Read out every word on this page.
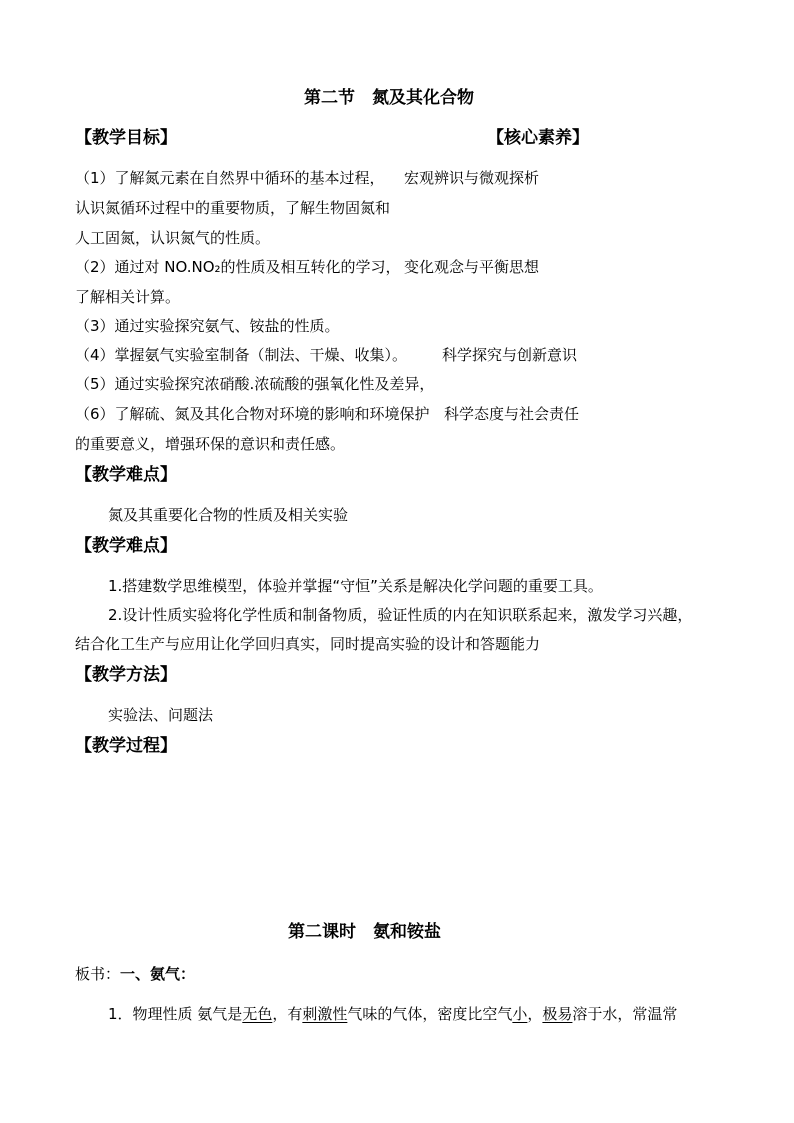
第二节　氮及其化合物
【教学目标】	【核心素养】
（1）了解氮元素在自然界中循环的基本过程， 宏观辨识与微观探析
认识氮循环过程中的重要物质，了解生物固氮和
人工固氮，认识氮气的性质。
（2）通过对 NO.NO₂的性质及相互转化的学习， 变化观念与平衡思想
了解相关计算。
（3）通过实验探究氨气、铵盐的性质。
（4）掌握氨气实验室制备（制法、干燥、收集）。 科学探究与创新意识
（5）通过实验探究浓硝酸.浓硫酸的强氧化性及差异，
（6）了解硫、氮及其化合物对环境的影响和环境保护 科学态度与社会责任
的重要意义，增强环保的意识和责任感。
【教学难点】
氮及其重要化合物的性质及相关实验
【教学难点】
1.搭建数学思维模型，体验并掌握“守恒”关系是解决化学问题的重要工具。
2.设计性质实验将化学性质和制备物质，验证性质的内在知识联系起来，激发学习兴趣，
结合化工生产与应用让化学回归真实，同时提高实验的设计和答题能力
【教学方法】
实验法、问题法
【教学过程】
第二课时　氨和铵盐
板书：一、氨气：
1．物理性质 氨气是无色，有刺激性气味的气体，密度比空气小，极易溶于水，常温常
